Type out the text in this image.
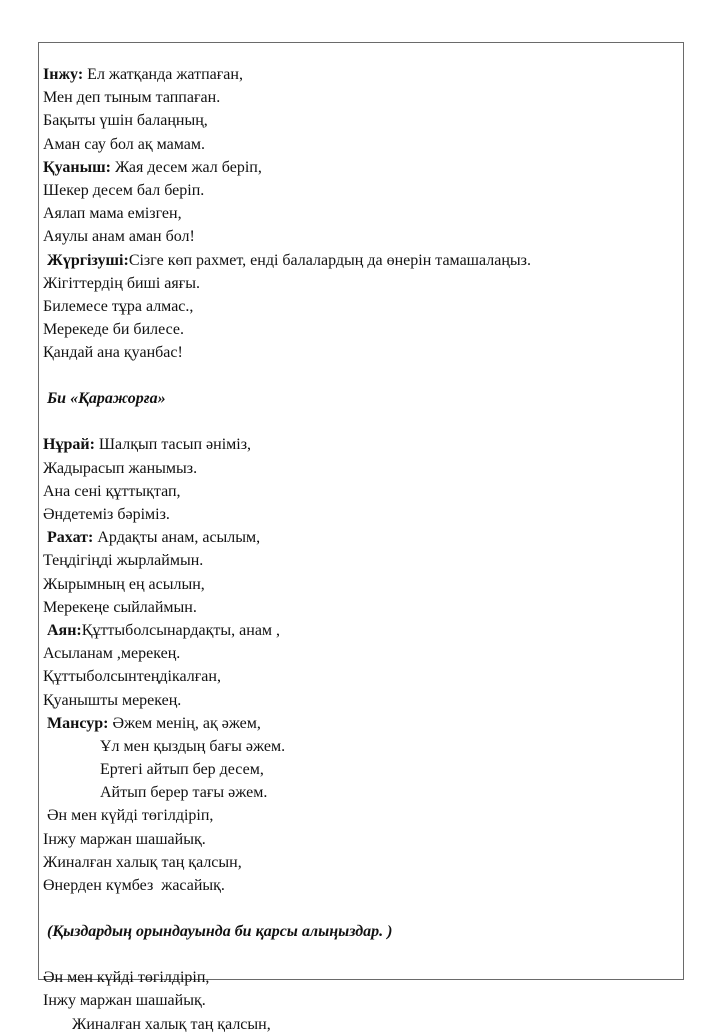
Інжу: Ел жатқанда жатпаған,
Мен деп тыным таппаған.
Бақыты үшін балаңның,
Аман сау бол ақ мамам.
Қуаныш: Жая десем жал беріп,
Шекер десем бал беріп.
Аялап мама емізген,
Аяулы анам аман бол!
Жүргізуші:Сізге көп рахмет, енді балалардың да өнерін тамашалаңыз.
Жігіттердің биші аяғы.
Билемесе тұра алмас.,
Мерекеде би билесе.
Қандай ана қуанбас!
Би «Қаражорға»
Нұрай: Шалқып тасып әніміз,
Жадырасып жанымыз.
Ана сені құттықтап,
Әндетеміз бәріміз.
Рахат: Ардақты анам, асылым,
Теңдігіңді жырлаймын.
Жырымның ең асылын,
Мерекеңе сыйлаймын.
Аян:Құттыболсынардақты, анам ,
Асыланам ,мерекең.
Құттыболсынтеңдікалған,
Қуанышты мерекең.
Мансур: Әжем менің, ақ әжем,
Ұл мен қыздың бағы әжем.
Ертегі айтып бер десем,
Айтып берер тағы әжем.
Ән мен күйді төгілдіріп,
Інжу маржан шашайық.
Жиналған халық таң қалсын,
Өнерден күмбез  жасайық.
(Қыздардың орындауында би қарсы алыңыздар. )
Ән мен күйді төгілдіріп,
Інжу маржан шашайық.
Жиналған халық таң қалсын,
